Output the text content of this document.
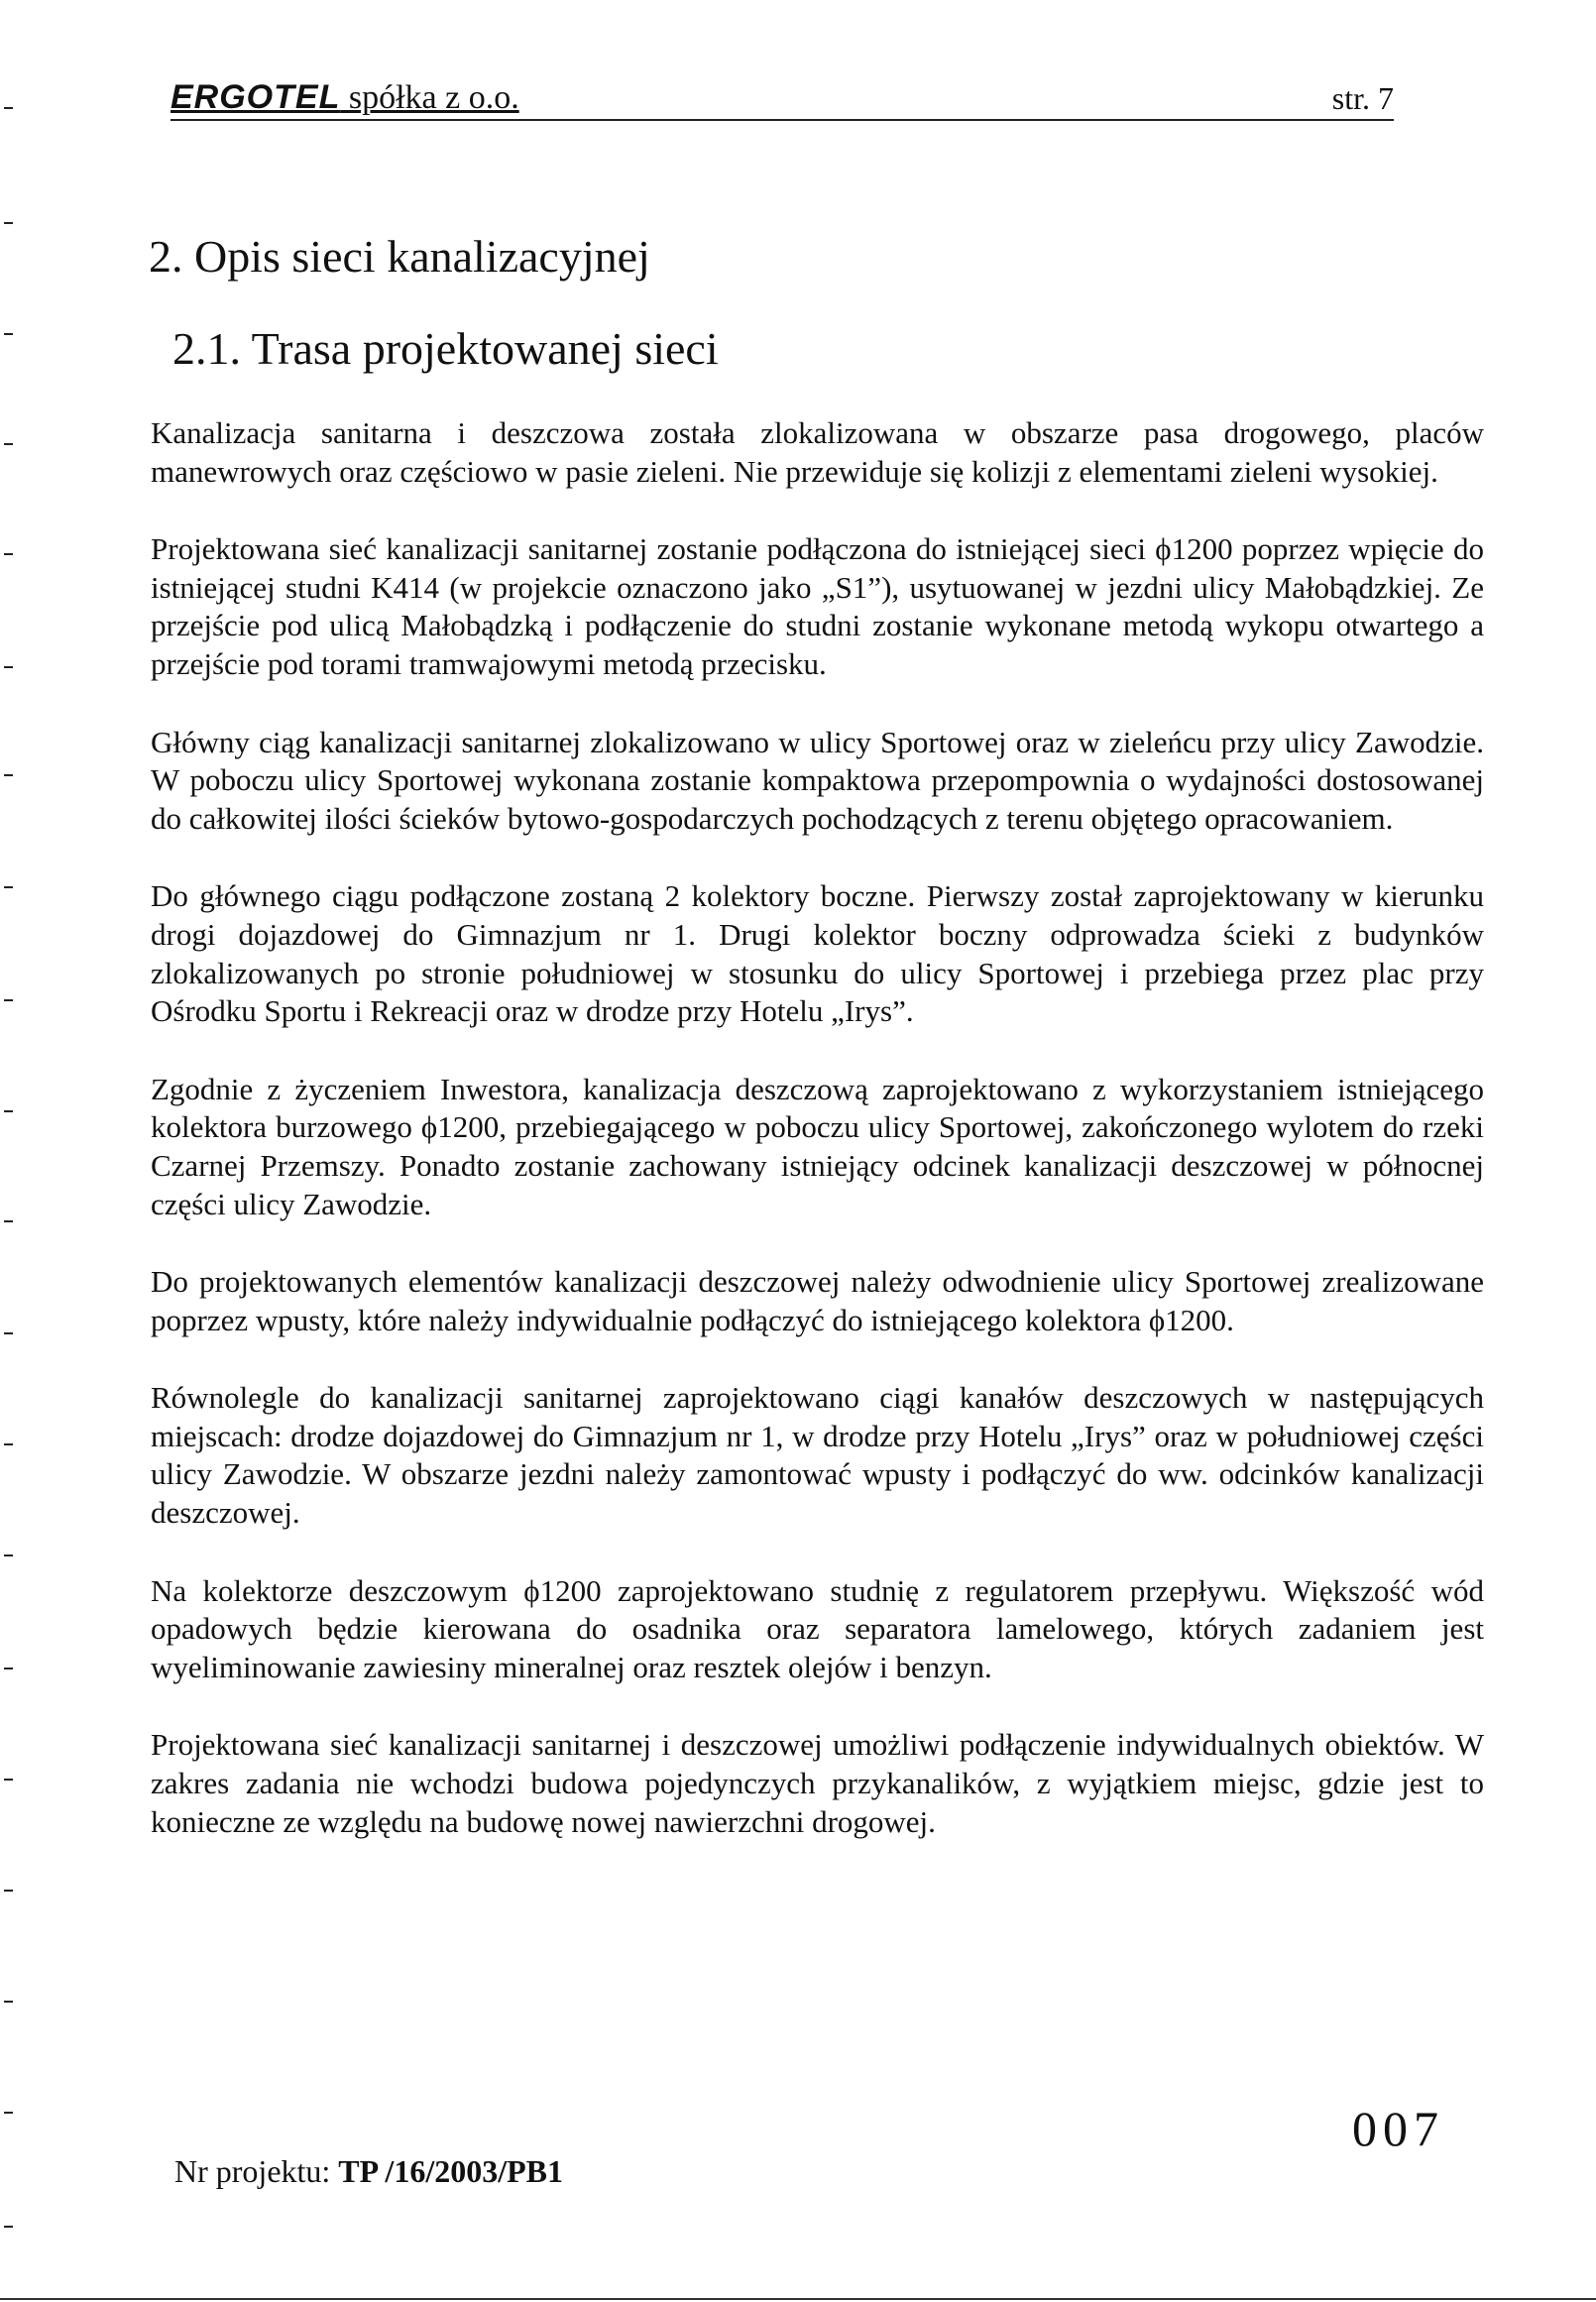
ERGOTEL spółka z o.o.	str. 7
2. Opis sieci kanalizacyjnej
2.1. Trasa projektowanej sieci

Kanalizacja sanitarna i deszczowa została zlokalizowana w obszarze pasa drogowego, placów manewrowych oraz częściowo w pasie zieleni. Nie przewiduje się kolizji z elementami zieleni wysokiej.

Projektowana sieć kanalizacji sanitarnej zostanie podłączona do istniejącej sieci ϕ1200 poprzez wpięcie do istniejącej studni K414 (w projekcie oznaczono jako „S1”), usytuowanej w jezdni ulicy Małobądzkiej. Ze przejście pod ulicą Małobądzką i podłączenie do studni zostanie wykonane metodą wykopu otwartego a przejście pod torami tramwajowymi metodą przecisku.

Główny ciąg kanalizacji sanitarnej zlokalizowano w ulicy Sportowej oraz w zieleńcu przy ulicy Zawodzie. W poboczu ulicy Sportowej wykonana zostanie kompaktowa przepompownia o wydajności dostosowanej do całkowitej ilości ścieków bytowo-gospodarczych pochodzących z terenu objętego opracowaniem.

Do głównego ciągu podłączone zostaną 2 kolektory boczne. Pierwszy został zaprojektowany w kierunku drogi dojazdowej do Gimnazjum nr 1. Drugi kolektor boczny odprowadza ścieki z budynków zlokalizowanych po stronie południowej w stosunku do ulicy Sportowej i przebiega przez plac przy Ośrodku Sportu i Rekreacji oraz w drodze przy Hotelu „Irys”.

Zgodnie z życzeniem Inwestora, kanalizacja deszczową zaprojektowano z wykorzystaniem istniejącego kolektora burzowego ϕ1200, przebiegającego w poboczu ulicy Sportowej, zakończonego wylotem do rzeki Czarnej Przemszy. Ponadto zostanie zachowany istniejący odcinek kanalizacji deszczowej w północnej części ulicy Zawodzie.

Do projektowanych elementów kanalizacji deszczowej należy odwodnienie ulicy Sportowej zrealizowane poprzez wpusty, które należy indywidualnie podłączyć do istniejącego kolektora ϕ1200.

Równolegle do kanalizacji sanitarnej zaprojektowano ciągi kanałów deszczowych w następujących miejscach: drodze dojazdowej do Gimnazjum nr 1, w drodze przy Hotelu „Irys” oraz w południowej części ulicy Zawodzie. W obszarze jezdni należy zamontować wpusty i podłączyć do ww. odcinków kanalizacji deszczowej.

Na kolektorze deszczowym ϕ1200 zaprojektowano studnię z regulatorem przepływu. Większość wód opadowych będzie kierowana do osadnika oraz separatora lamelowego, których zadaniem jest wyeliminowanie zawiesiny mineralnej oraz resztek olejów i benzyn.

Projektowana sieć kanalizacji sanitarnej i deszczowej umożliwi podłączenie indywidualnych obiektów. W zakres zadania nie wchodzi budowa pojedynczych przykanalików, z wyjątkiem miejsc, gdzie jest to konieczne ze względu na budowę nowej nawierzchni drogowej.

Nr projektu: TP /16/2003/PB1
007
